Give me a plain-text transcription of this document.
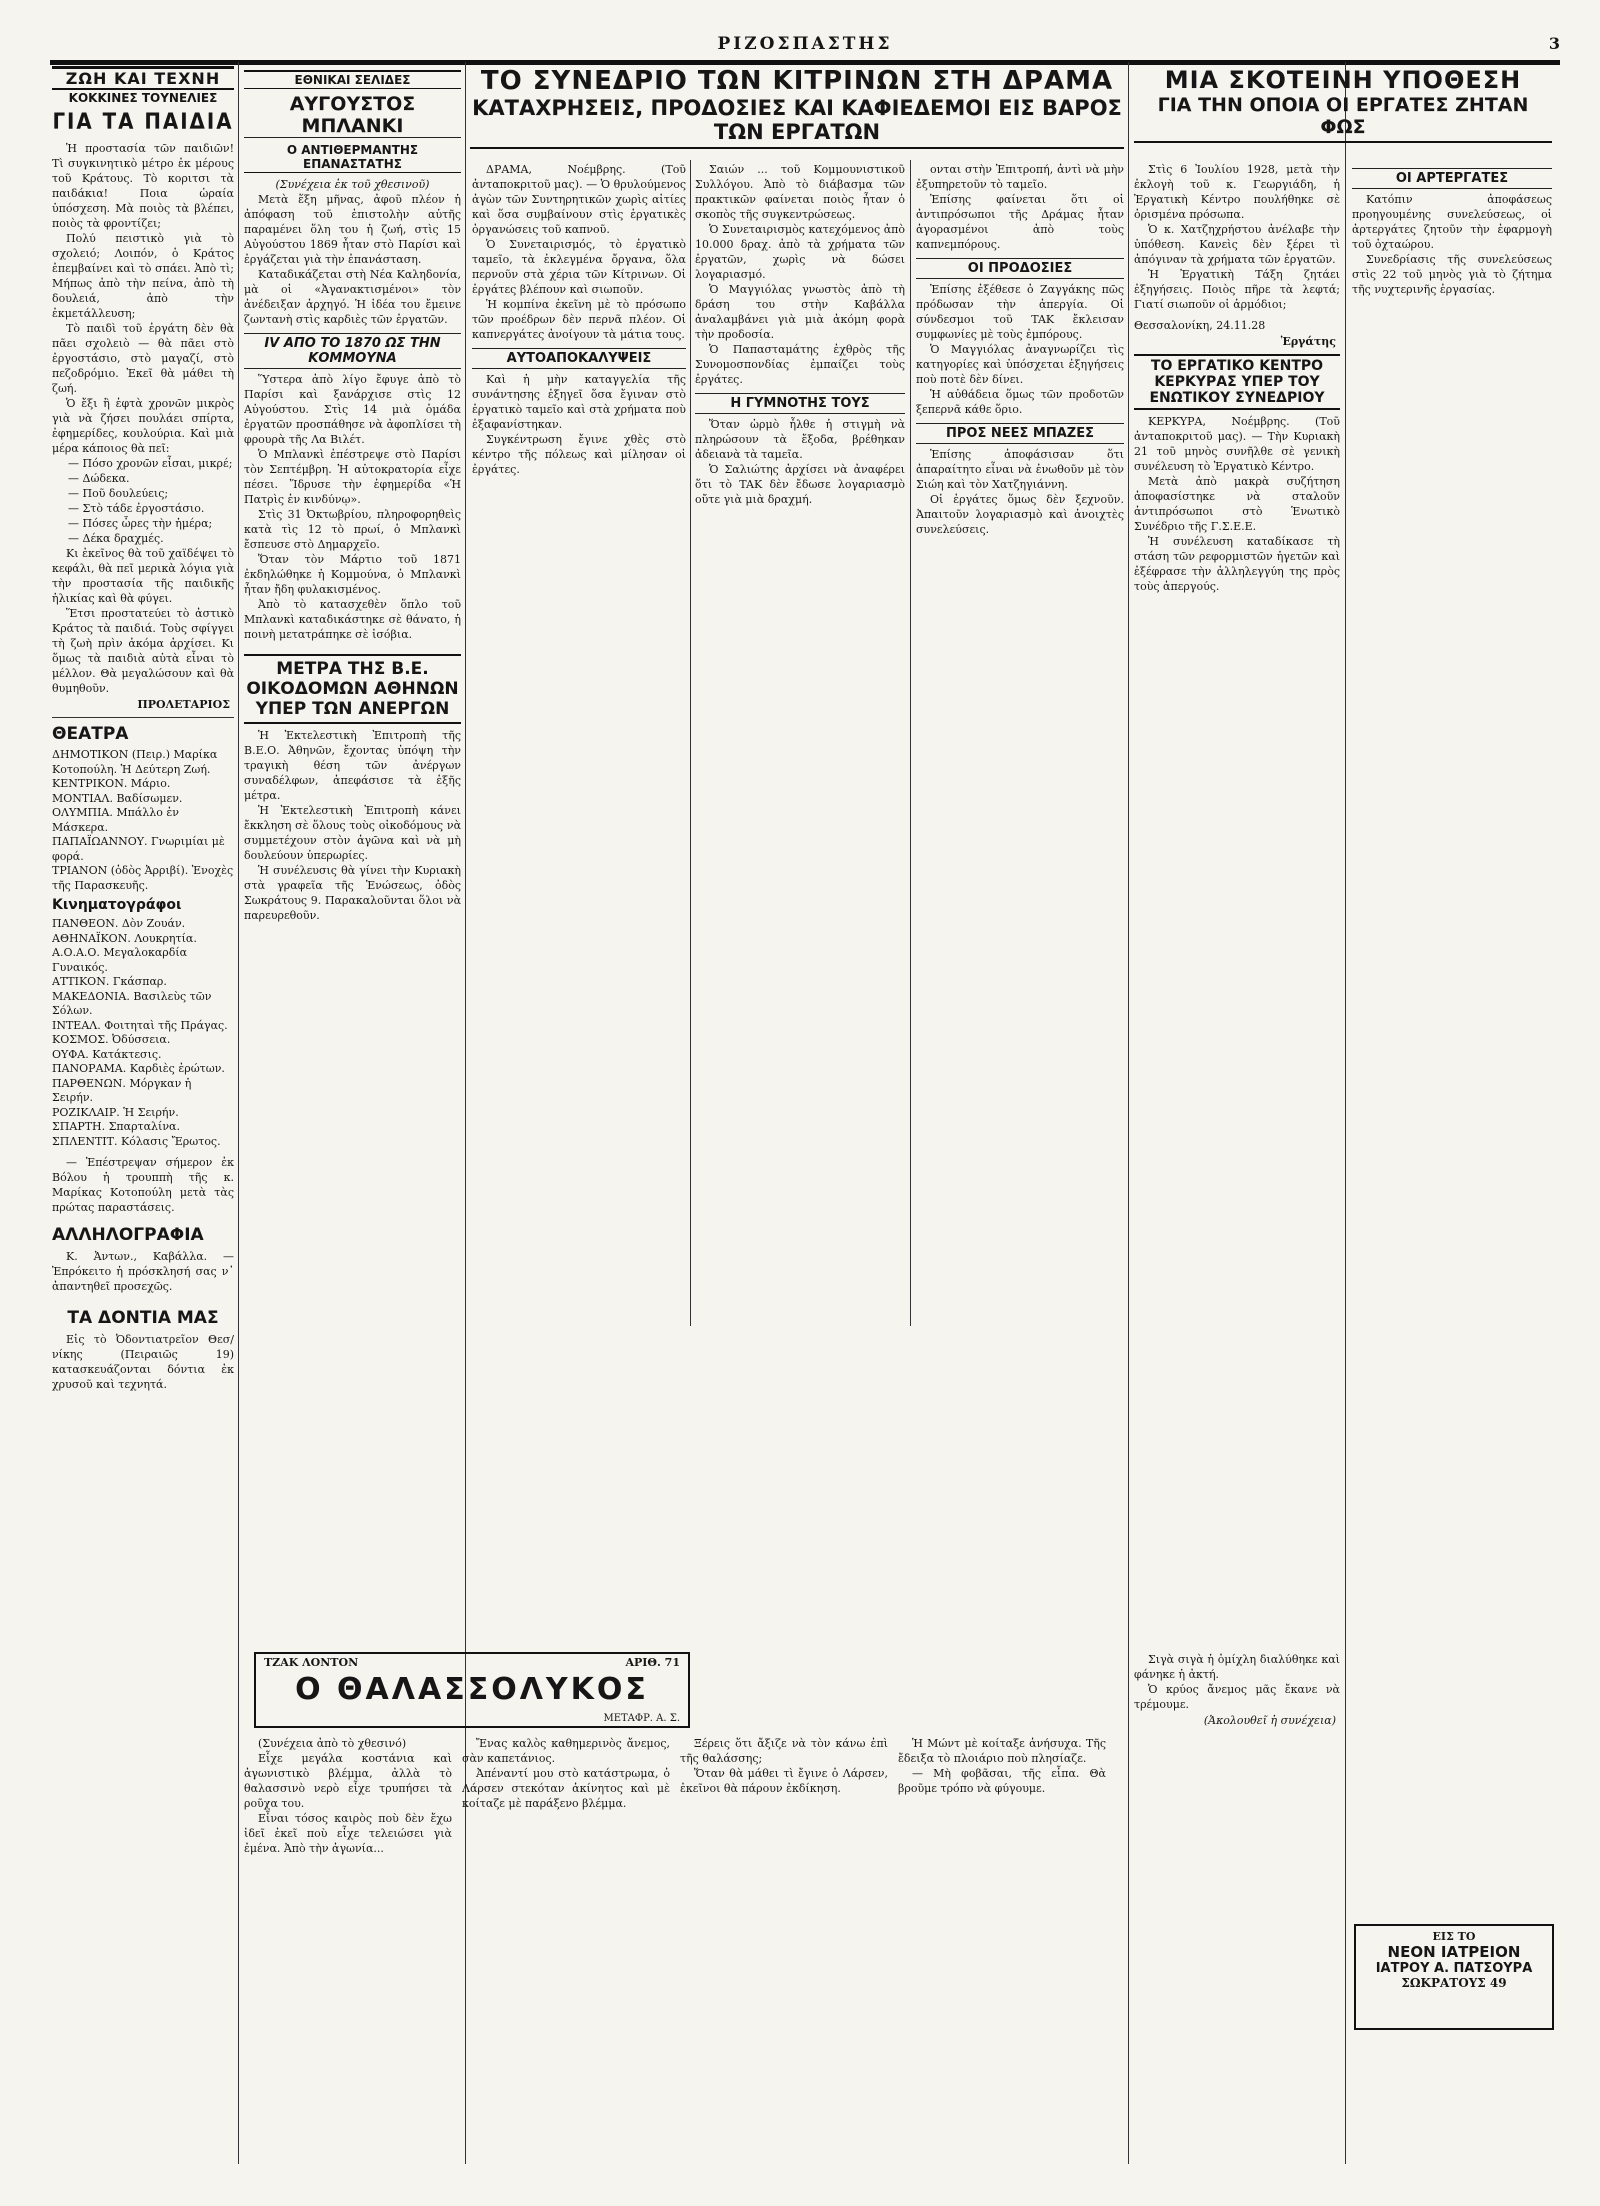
ΡΙΖΟΣΠΑΣΤΗΣ	3
ΖΩΗ ΚΑΙ ΤΕΧΝΗ
ΚΟΚΚΙΝΕΣ ΤΟΥΝΕΛΙΕΣ
ΓΙΑ ΤΑ ΠΑΙΔΙΑ

Ἡ προστασία τῶν παιδιῶν! Τὶ συγκινητικὸ μέτρο ἐκ μέρους τοῦ Κράτους. Τὸ κοριτσι τὰ παιδάκια! Ποια ὡραία ὑπόσχεση. Μὰ ποιὸς τὰ βλέπει, ποιὸς τὰ φροντίζει;

Πολύ πειστικὸ γιὰ τὸ σχολειό; Λοιπόν, ὁ Κράτος ἐπεμβαίνει καὶ τὸ σπάει. Ἀπὸ τὶ; Μήπως ἀπὸ τὴν πείνα, ἀπὸ τὴ δουλειά, ἀπὸ τὴν ἐκμετάλλευση;

Τὸ παιδὶ τοῦ ἐργάτη δὲν θὰ πᾶει σχολειὸ — θὰ πᾶει στὸ ἐργοστάσιο, στὸ μαγαζί, στὸ πεζοδρόμιο. Ἐκεῖ θὰ μάθει τὴ ζωή.

Ὁ ἔξι ἢ ἑφτὰ χρονῶν μικρὸς γιὰ νὰ ζήσει πουλάει σπίρτα, ἐφημερίδες, κουλούρια. Καὶ μιὰ μέρα κάποιος θὰ πεῖ:

— Πόσο χρονῶν εἶσαι, μικρέ;
— Δώδεκα.
— Ποῦ δουλεύεις;
— Στὸ τάδε ἐργοστάσιο.
— Πόσες ὧρες τὴν ἡμέρα;
— Δέκα δραχμές.

Κι ἐκεῖνος θὰ τοῦ χαϊδέψει τὸ κεφάλι, θὰ πεῖ μερικὰ λόγια γιὰ τὴν προστασία τῆς παιδικῆς ἡλικίας καὶ θὰ φύγει.

Ἕτσι προστατεύει τὸ ἀστικὸ Κράτος τὰ παιδιά. Τοὺς σφίγγει τὴ ζωὴ πρὶν ἀκόμα ἀρχίσει. Κι ὅμως τὰ παιδιὰ αὐτὰ εἶναι τὸ μέλλον. Θὰ μεγαλώσουν καὶ θὰ θυμηθοῦν.

ΠΡΟΛΕΤΑΡΙΟΣ
ΘΕΑΤΡΑ
ΔΗΜΟΤΙΚΟΝ (Πειρ.) Μαρίκα Κοτοπούλη. Ἡ Δεύτερη Ζωή.
ΚΕΝΤΡΙΚΟΝ. Μάριο.
ΜΟΝΤΙΑΛ. Βαδίσωμεν.
ΟΛΥΜΠΙΑ. Μπάλλο ἐν Μάσκερα.
ΠΑΠΑΪΩΑΝΝΟΥ. Γνωριμίαι μὲ φορά.
ΤΡΙΑΝΟΝ (ὁδὸς Ἀρριβί). Ἐνοχὲς τῆς Παρασκευῆς.
Κινηματογράφοι
ΠΑΝΘΕΟΝ. Δὸν Ζουάν.
ΑΘΗΝΑΪΚΟΝ. Λουκρητία.
Α.Ο.Α.Ο. Μεγαλοκαρδία Γυναικός.
ΑΤΤΙΚΟΝ. Γκάσπαρ.
ΜΑΚΕΔΟΝΙΑ. Βασιλεὺς τῶν Σόλων.
ΙΝΤΕΑΛ. Φοιτηταὶ τῆς Πράγας.
ΚΟΣΜΟΣ. Ὀδύσσεια.
ΟΥΦΑ. Κατάκτεσις.
ΠΑΝΟΡΑΜΑ. Καρδιὲς ἐρώτων.
ΠΑΡΘΕΝΩΝ. Μόργκαν ἡ Σειρήν.
ΡΟΖΙΚΛΑΙΡ. Ἡ Σειρήν.
ΣΠΑΡΤΗ. Σπαρταλίνα.
ΣΠΛΕΝΤΙΤ. Κόλασις Ἔρωτος.

— Ἐπέστρεψαν σήμερον ἐκ Βόλου ἡ τρουππὴ τῆς κ. Μαρίκας Κοτοπούλη μετὰ τὰς πρώτας παραστάσεις.

ΑΛΛΗΛΟΓΡΑΦΙΑ

Κ. Ἀντων., Καβάλλα. — Ἐπρόκειτο ἡ πρόσκλησή σας ν᾽ ἀπαντηθεῖ προσεχῶς.

ΤΑ ΔΟΝΤΙΑ ΜΑΣ

Εἰς τὸ Ὀδοντιατρεῖον Θεσ/νίκης (Πειραιῶς 19) κατασκευάζονται δόντια ἐκ χρυσοῦ καὶ τεχνητά.

ΕΘΝΙΚΑΙ ΣΕΛΙΔΕΣ
ΑΥΓΟΥΣΤΟΣ ΜΠΛΑΝΚΙ
Ο ΑΝΤΙΘΕΡΜΑΝΤΗΣ ΕΠΑΝΑΣΤΑΤΗΣ
(Συνέχεια ἐκ τοῦ χθεσινοῦ)

Μετὰ ἕξη μῆνας, ἀφοῦ πλέον ἡ ἀπόφαση τοῦ ἐπιστολὴν αὐτῆς παραμένει ὅλη του ἡ ζωή, στὶς 15 Αὐγούστου 1869 ἦταν στὸ Παρίσι καὶ ἐργάζεται γιὰ τὴν ἐπανάσταση.

Καταδικάζεται στὴ Νέα Καληδονία, μὰ οἱ «Ἀγανακτισμένοι» τὸν ἀνέδειξαν ἀρχηγό. Ἡ ἰδέα του ἔμεινε ζωντανὴ στὶς καρδιὲς τῶν ἐργατῶν.

ΙV ΑΠΟ ΤΟ 1870 ΩΣ ΤΗΝ ΚΟΜΜΟΥΝΑ

Ὕστερα ἀπὸ λίγο ἔφυγε ἀπὸ τὸ Παρίσι καὶ ξανάρχισε στὶς 12 Αὐγούστου. Στὶς 14 μιὰ ὁμάδα ἐργατῶν προσπάθησε νὰ ἀφοπλίσει τὴ φρουρὰ τῆς Λα Βιλέτ.

Ὁ Μπλανκὶ ἐπέστρεψε στὸ Παρίσι τὸν Σεπτέμβρη. Ἡ αὐτοκρατορία εἶχε πέσει. Ἵδρυσε τὴν ἐφημερίδα «Ἡ Πατρὶς ἐν κινδύνῳ».

Στὶς 31 Ὀκτωβρίου, πληροφορηθεὶς κατὰ τὶς 12 τὸ πρωί, ὁ Μπλανκὶ ἔσπευσε στὸ Δημαρχεῖο.

Ὅταν τὸν Μάρτιο τοῦ 1871 ἐκδηλώθηκε ἡ Κομμούνα, ὁ Μπλανκὶ ἦταν ἤδη φυλακισμένος.

Ἀπὸ τὸ κατασχεθὲν ὅπλο τοῦ Μπλανκὶ καταδικάστηκε σὲ θάνατο, ἡ ποινὴ μετατράπηκε σὲ ἰσόβια.

ΜΕΤΡΑ ΤΗΣ Β.Ε. ΟΙΚΟΔΟΜΩΝ ΑΘΗΝΩΝ ΥΠΕΡ ΤΩΝ ΑΝΕΡΓΩΝ

Ἡ Ἐκτελεστικὴ Ἐπιτροπὴ τῆς Β.Ε.Ο. Ἀθηνῶν, ἔχοντας ὑπόψη τὴν τραγικὴ θέση τῶν ἀνέργων συναδέλφων, ἀπεφάσισε τὰ ἑξῆς μέτρα.

Ἡ Ἐκτελεστικὴ Ἐπιτροπὴ κάνει ἔκκληση σὲ ὅλους τοὺς οἰκοδόμους νὰ συμμετέχουν στὸν ἀγῶνα καὶ νὰ μὴ δουλεύουν ὑπερωρίες.

Ἡ συνέλευσις θὰ γίνει τὴν Κυριακὴ στὰ γραφεῖα τῆς Ἑνώσεως, ὁδὸς Σωκράτους 9. Παρακαλοῦνται ὅλοι νὰ παρευρεθοῦν.

ΤΟ ΣΥΝΕΔΡΙΟ ΤΩΝ ΚΙΤΡΙΝΩΝ ΣΤΗ ΔΡΑΜΑ
ΚΑΤΑΧΡΗΣΕΙΣ, ΠΡΟΔΟΣΙΕΣ ΚΑΙ ΚΑΦΙΕΔΕΜΟΙ ΕΙΣ ΒΑΡΟΣ ΤΩΝ ΕΡΓΑΤΩΝ

ΔΡΑΜΑ, Νοέμβρης. (Τοῦ ἀνταποκριτοῦ μας). — Ὁ θρυλούμενος ἀγὼν τῶν Συντηρητικῶν χωρὶς αἰτίες καὶ ὅσα συμβαίνουν στὶς ἐργατικὲς ὀργανώσεις τοῦ καπνοῦ.

Ὁ Συνεταιρισμός, τὸ ἐργατικὸ ταμεῖο, τὰ ἐκλεγμένα ὄργανα, ὅλα περνοῦν στὰ χέρια τῶν Κίτρινων. Οἱ ἐργάτες βλέπουν καὶ σιωποῦν.

Ἡ κομπίνα ἐκεῖνη μὲ τὸ πρόσωπο τῶν προέδρων δὲν περνᾶ πλέον. Οἱ καπνεργάτες ἀνοίγουν τὰ μάτια τους.

ΑΥΤΟΑΠΟΚΑΛΥΨΕΙΣ

Καὶ ἡ μὴν καταγγελία τῆς συνάντησης ἐξηγεῖ ὅσα ἔγιναν στὸ ἐργατικὸ ταμεῖο καὶ στὰ χρήματα ποὺ ἐξαφανίστηκαν.

Συγκέντρωση ἔγινε χθὲς στὸ κέντρο τῆς πόλεως καὶ μίλησαν οἱ ἐργάτες.

Σαιών ... τοῦ Κομμουνιστικοῦ Συλλόγου. Ἀπὸ τὸ διάβασμα τῶν πρακτικῶν φαίνεται ποιὸς ἦταν ὁ σκοπὸς τῆς συγκεντρώσεως.

Ὁ Συνεταιρισμὸς κατεχόμενος ἀπὸ 10.000 δραχ. ἀπὸ τὰ χρήματα τῶν ἐργατῶν, χωρὶς νὰ δώσει λογαριασμό.

Ὁ Μαγγιόλας γνωστὸς ἀπὸ τὴ δράση του στὴν Καβάλλα ἀναλαμβάνει γιὰ μιὰ ἀκόμη φορὰ τὴν προδοσία.

Ὁ Παπασταμάτης ἐχθρὸς τῆς Συνομοσπονδίας ἐμπαίζει τοὺς ἐργάτες.

Η ΓΥΜΝΟΤΗΣ ΤΟΥΣ

Ὅταν ὡρμὸ ἦλθε ἡ στιγμὴ νὰ πληρώσουν τὰ ἔξοδα, βρέθηκαν ἀδειανὰ τὰ ταμεῖα.

Ὁ Σαλιώτης ἀρχίσει νὰ ἀναφέρει ὅτι τὸ TAK δὲν ἔδωσε λογαριασμὸ οὔτε γιὰ μιὰ δραχμή.

ονται στὴν Ἐπιτροπή, ἀντὶ νὰ μὴν ἐξυπηρετοῦν τὸ ταμεῖο.

Ἐπίσης φαίνεται ὅτι οἱ ἀντιπρόσωποι τῆς Δράμας ἦταν ἀγορασμένοι ἀπὸ τοὺς καπνεμπόρους.

ΟΙ ΠΡΟΔΟΣΙΕΣ

Ἐπίσης ἐξέθεσε ὁ Ζαγγάκης πῶς πρόδωσαν τὴν ἀπεργία. Οἱ σύνδεσμοι τοῦ TAK ἔκλεισαν συμφωνίες μὲ τοὺς ἐμπόρους.

Ὁ Μαγγιόλας ἀναγνωρίζει τὶς κατηγορίες καὶ ὑπόσχεται ἐξηγήσεις ποὺ ποτὲ δὲν δίνει.

Ἡ αὐθάδεια ὅμως τῶν προδοτῶν ξεπερνᾶ κάθε ὅριο.

ΠΡΟΣ ΝΕΕΣ ΜΠΑΖΕΣ

Ἐπίσης ἀποφάσισαν ὅτι ἀπαραίτητο εἶναι νὰ ἐνωθοῦν μὲ τὸν Σιώη καὶ τὸν Χατζηγιάννη.

Οἱ ἐργάτες ὅμως δὲν ξεχνοῦν. Ἀπαιτοῦν λογαριασμὸ καὶ ἀνοιχτὲς συνελεύσεις.

ΜΙΑ ΣΚΟΤΕΙΝΗ ΥΠΟΘΕΣΗ
ΓΙΑ ΤΗΝ ΟΠΟΙΑ ΟΙ ΕΡΓΑΤΕΣ ΖΗΤΑΝ ΦΩΣ

Στὶς 6 Ἰουλίου 1928, μετὰ τὴν ἐκλογὴ τοῦ κ. Γεωργιάδη, ἡ Ἐργατικὴ Κέντρο πουλήθηκε σὲ ὁρισμένα πρόσωπα.

Ὁ κ. Χατζηχρήστου ἀνέλαβε τὴν ὑπόθεση. Κανεὶς δὲν ξέρει τὶ ἀπόγιναν τὰ χρήματα τῶν ἐργατῶν.

Ἡ Ἐργατικὴ Τάξη ζητάει ἐξηγήσεις. Ποιὸς πῆρε τὰ λεφτά; Γιατί σιωποῦν οἱ ἁρμόδιοι;

Θεσσαλονίκη, 24.11.28
Ἐργάτης
ΤΟ ΕΡΓΑΤΙΚΟ ΚΕΝΤΡΟ ΚΕΡΚΥΡΑΣ ΥΠΕΡ ΤΟΥ ΕΝΩΤΙΚΟΥ ΣΥΝΕΔΡΙΟΥ

ΚΕΡΚΥΡΑ, Νοέμβρης. (Τοῦ ἀνταποκριτοῦ μας). — Τὴν Κυριακὴ 21 τοῦ μηνὸς συνῆλθε σὲ γενικὴ συνέλευση τὸ Ἐργατικὸ Κέντρο.

Μετὰ ἀπὸ μακρὰ συζήτηση ἀποφασίστηκε νὰ σταλοῦν ἀντιπρόσωποι στὸ Ἑνωτικὸ Συνέδριο τῆς Γ.Σ.Ε.Ε.

Ἡ συνέλευση καταδίκασε τὴ στάση τῶν ρεφορμιστῶν ἡγετῶν καὶ ἐξέφρασε τὴν ἀλληλεγγύη της πρὸς τοὺς ἀπεργούς.

ΟΙ ΑΡΤΕΡΓΑΤΕΣ

Κατόπιν ἀποφάσεως προηγουμένης συνελεύσεως, οἱ ἀρτεργάτες ζητοῦν τὴν ἐφαρμογὴ τοῦ ὀχταώρου.

Συνεδρίασις τῆς συνελεύσεως στὶς 22 τοῦ μηνὸς γιὰ τὸ ζήτημα τῆς νυχτερινῆς ἐργασίας.

ΕΙΣ ΤΟ
ΝΕΟΝ ΙΑΤΡΕΙΟΝ
ΙΑΤΡΟΥ Α. ΠΑΤΣΟΥΡΑ
ΣΩΚΡΑΤΟΥΣ 49
ΤΖΑΚ ΛΟΝΤΟΝ	ΑΡΙΘ. 71
Ο ΘΑΛΑΣΣΟΛΥΚΟΣ
ΜΕΤΑΦΡ. Α. Σ.

(Συνέχεια ἀπὸ τὸ χθεσινό)

Εἶχε μεγάλα κοστάνια καὶ ἀγωνιστικὸ βλέμμα, ἀλλὰ τὸ θαλασσινὸ νερὸ εἶχε τρυπήσει τὰ ροῦχα του.

Εἶναι τόσος καιρὸς ποὺ δὲν ἔχω ἰδεῖ ἐκεῖ ποὺ εἶχε τελειώσει γιὰ ἐμένα. Ἀπὸ τὴν ἀγωνία...

Ἔνας καλὸς καθημερινὸς ἄνεμος, σὰν καπετάνιος.

Ἀπέναντί μου στὸ κατάστρωμα, ὁ Λάρσεν στεκόταν ἀκίνητος καὶ μὲ κοίταζε μὲ παράξενο βλέμμα.

Ξέρεις ὅτι ἄξιζε νὰ τὸν κάνω ἐπὶ τῆς θαλάσσης;

Ὅταν θὰ μάθει τὶ ἔγινε ὁ Λάρσεν, ἐκεῖνοι θὰ πάρουν ἐκδίκηση.

Ἡ Μώντ μὲ κοίταξε ἀνήσυχα. Τῆς ἔδειξα τὸ πλοιάριο ποὺ πλησίαζε.

— Μὴ φοβᾶσαι, τῆς εἶπα. Θὰ βροῦμε τρόπο νὰ φύγουμε.

Σιγὰ σιγὰ ἡ ὁμίχλη διαλύθηκε καὶ φάνηκε ἡ ἀκτή.

Ὁ κρύος ἄνεμος μᾶς ἔκανε νὰ τρέμουμε.

(Ἀκολουθεῖ ἡ συνέχεια)
